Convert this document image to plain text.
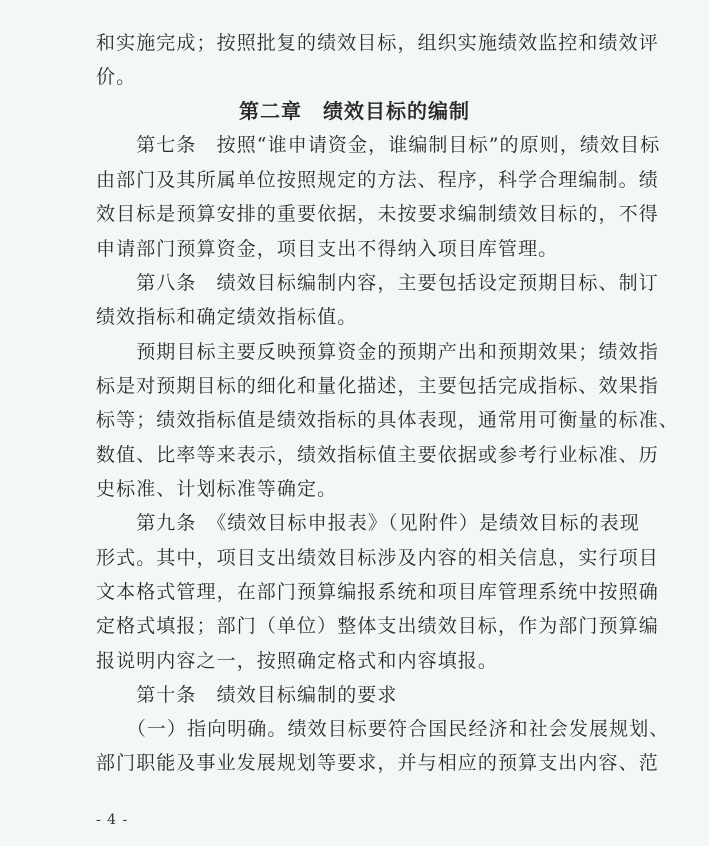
和实施完成；按照批复的绩效目标，组织实施绩效监控和绩效评
价。
第二章　绩效目标的编制
　　第七条　按照“谁申请资金，谁编制目标”的原则，绩效目标
由部门及其所属单位按照规定的方法、程序，科学合理编制。绩
效目标是预算安排的重要依据，未按要求编制绩效目标的，不得
申请部门预算资金，项目支出不得纳入项目库管理。
　　第八条　绩效目标编制内容，主要包括设定预期目标、制订
绩效指标和确定绩效指标值。
　　预期目标主要反映预算资金的预期产出和预期效果；绩效指
标是对预期目标的细化和量化描述，主要包括完成指标、效果指
标等；绩效指标值是绩效指标的具体表现，通常用可衡量的标准、
数值、比率等来表示，绩效指标值主要依据或参考行业标准、历
史标准、计划标准等确定。
　　第九条　《绩效目标申报表》（见附件）是绩效目标的表现
形式。其中，项目支出绩效目标涉及内容的相关信息，实行项目
文本格式管理，在部门预算编报系统和项目库管理系统中按照确
定格式填报；部门（单位）整体支出绩效目标，作为部门预算编
报说明内容之一，按照确定格式和内容填报。
　　第十条　绩效目标编制的要求
　　（一）指向明确。绩效目标要符合国民经济和社会发展规划、
部门职能及事业发展规划等要求，并与相应的预算支出内容、范
- 4 -
